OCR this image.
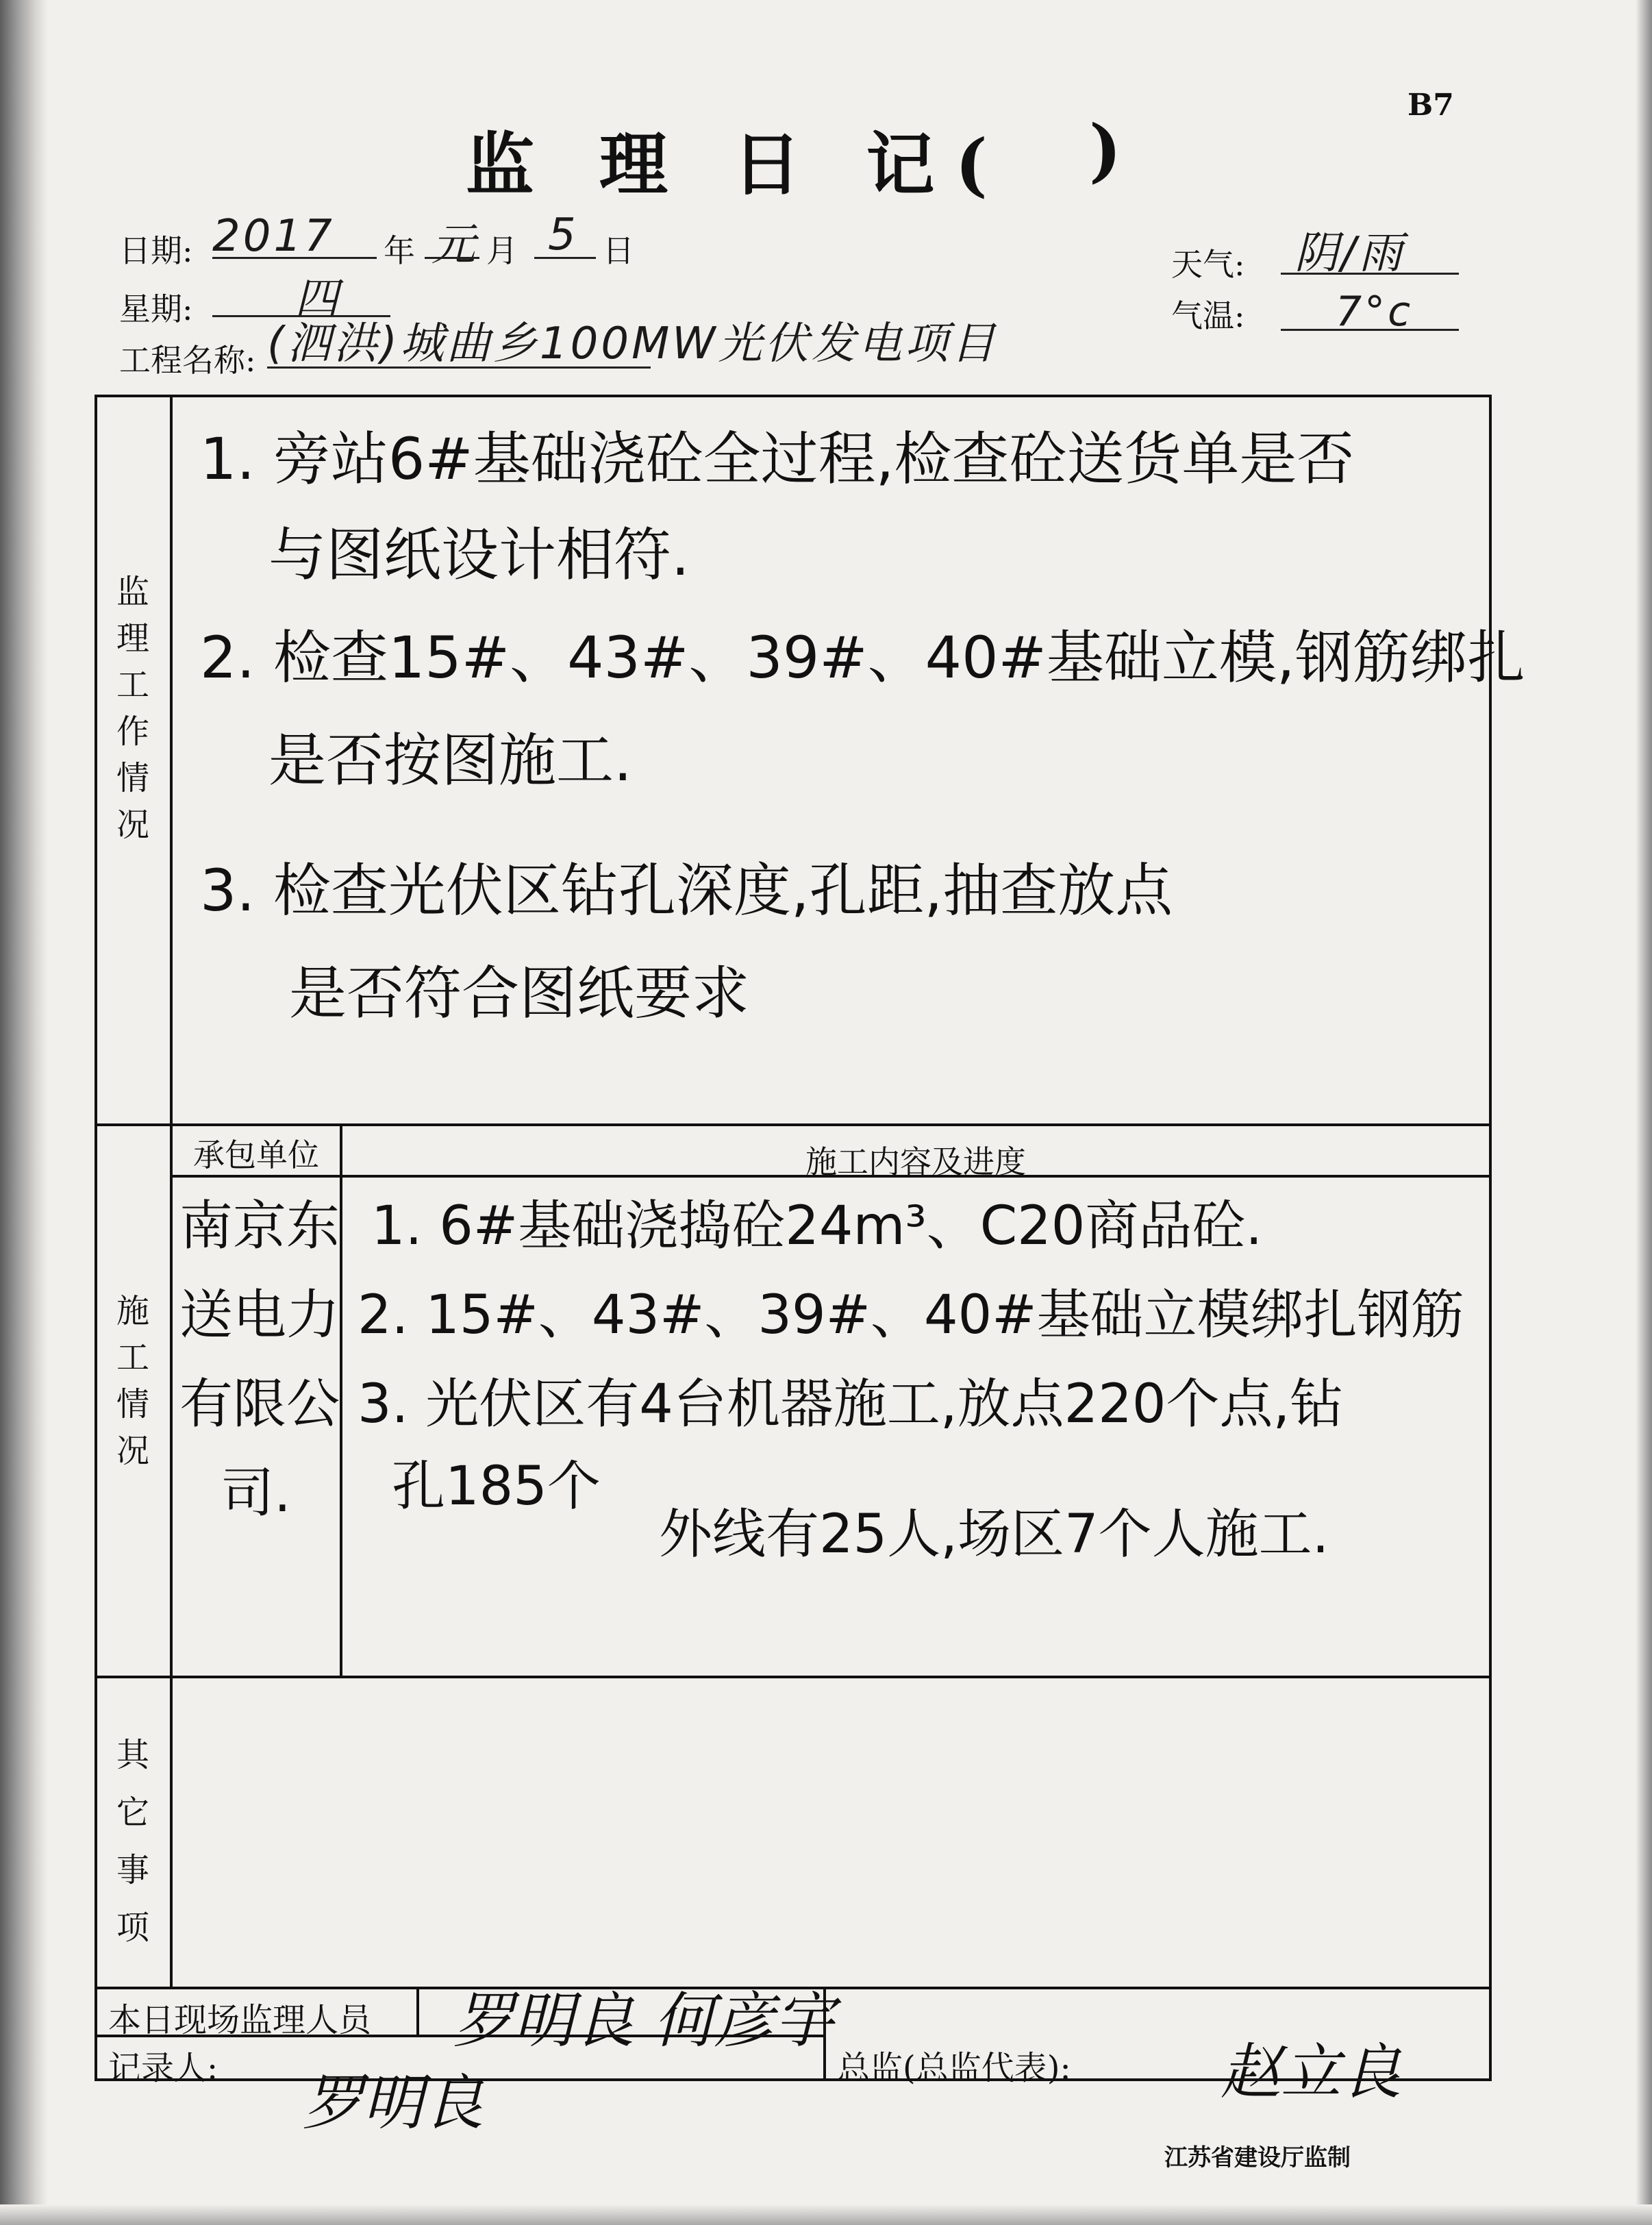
监 理 日 记( )
B7
日期: 2017 年 元 月 5 日
星期: 四
工程名称: (泗洪)城曲乡100MW光伏发电项目
天气: 阴/雨
气温: 7°c
监理工作情况
施工情况
其它事项
1. 旁站6#基础浇砼全过程,检查砼送货单是否
与图纸设计相符.
2. 检查15#、43#、39#、40#基础立模,钢筋绑扎
是否按图施工.
3. 检查光伏区钻孔深度,孔距,抽查放点
是否符合图纸要求
承包单位	施工内容及进度
南京东
送电力
有限公
司.
1. 6#基础浇捣砼24m³、C20商品砼.
2. 15#、43#、39#、40#基础立模绑扎钢筋
3. 光伏区有4台机器施工,放点220个点,钻
孔185个
外线有25人,场区7个人施工.
本日现场监理人员 罗明良 何彦宇
记录人: 罗明良	总监(总监代表): 赵立良
江苏省建设厅监制
